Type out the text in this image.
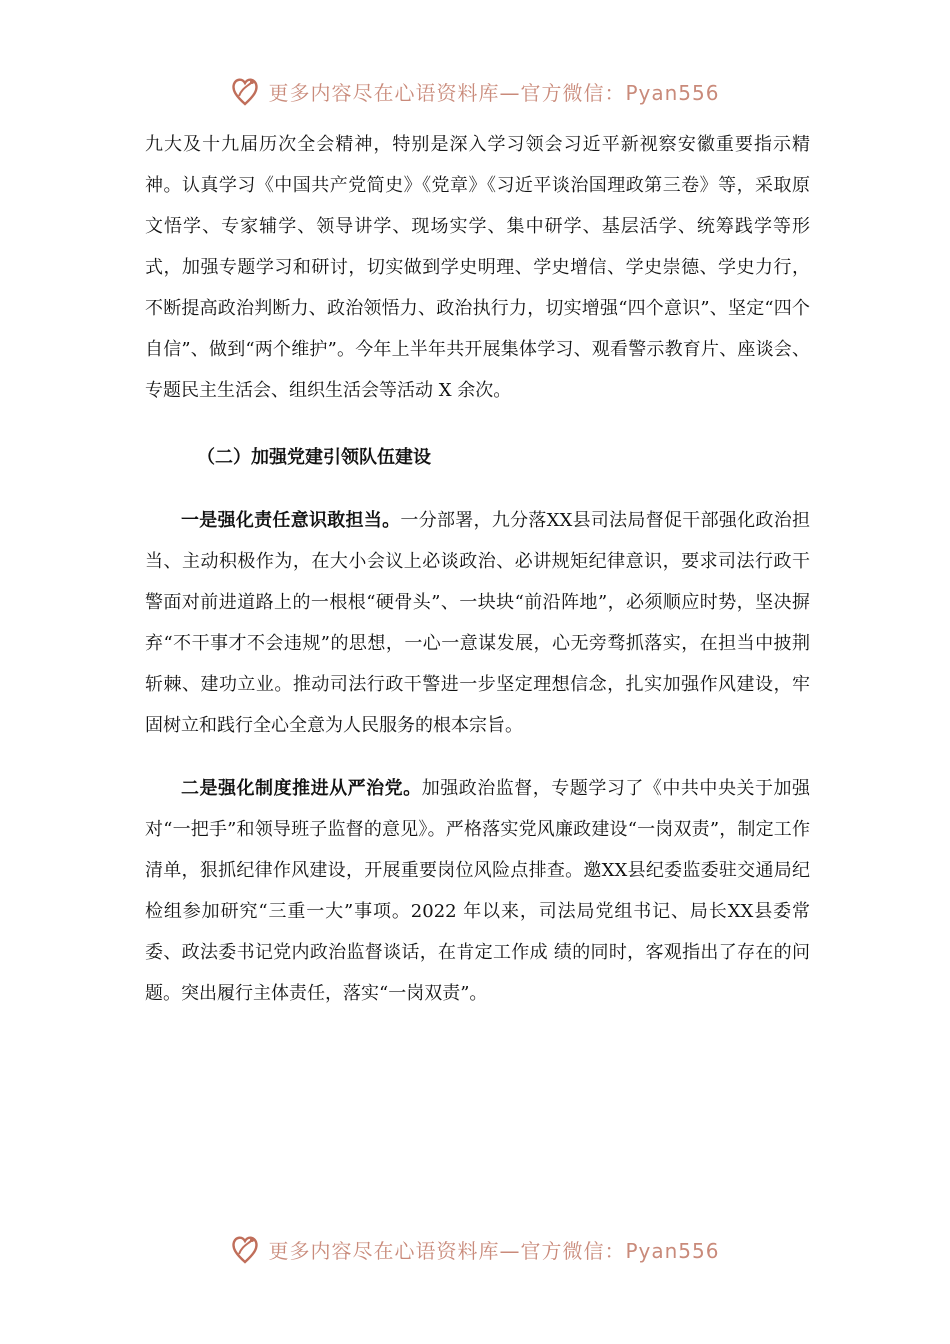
更多内容尽在心语资料库—官方微信：Pyan556

九大及十九届历次全会精神，特别是深入学习领会习近平新视察安徽重要指示精神。认真学习《中国共产党简史》《党章》《习近平谈治国理政第三卷》等，采取原文悟学、专家辅学、领导讲学、现场实学、集中研学、基层活学、统筹践学等形式，加强专题学习和研讨，切实做到学史明理、学史增信、学史崇德、学史力行，不断提高政治判断力、政治领悟力、政治执行力，切实增强“四个意识”、坚定“四个自信”、做到“两个维护”。今年上半年共开展集体学习、观看警示教育片、座谈会、专题民主生活会、组织生活会等活动 X 余次。

（二）加强党建引领队伍建设

一是强化责任意识敢担当。一分部署，九分落XX县司法局督促干部强化政治担当、主动积极作为，在大小会议上必谈政治、必讲规矩纪律意识，要求司法行政干警面对前进道路上的一根根“硬骨头”、一块块“前沿阵地”，必须顺应时势，坚决摒弃“不干事才不会违规”的思想，一心一意谋发展，心无旁骛抓落实，在担当中披荆斩棘、建功立业。推动司法行政干警进一步坚定理想信念，扎实加强作风建设，牢固树立和践行全心全意为人民服务的根本宗旨。

二是强化制度推进从严治党。加强政治监督，专题学习了《中共中央关于加强对“一把手”和领导班子监督的意见》。严格落实党风廉政建设“一岗双责”，制定工作清单，狠抓纪律作风建设，开展重要岗位风险点排查。邀XX县纪委监委驻交通局纪检组参加研究“三重一大”事项。2022 年以来，司法局党组书记、局长XX县委常委、政法委书记党内政治监督谈话，在肯定工作成 绩的同时，客观指出了存在的问题。突出履行主体责任，落实“一岗双责”。

更多内容尽在心语资料库—官方微信：Pyan556
